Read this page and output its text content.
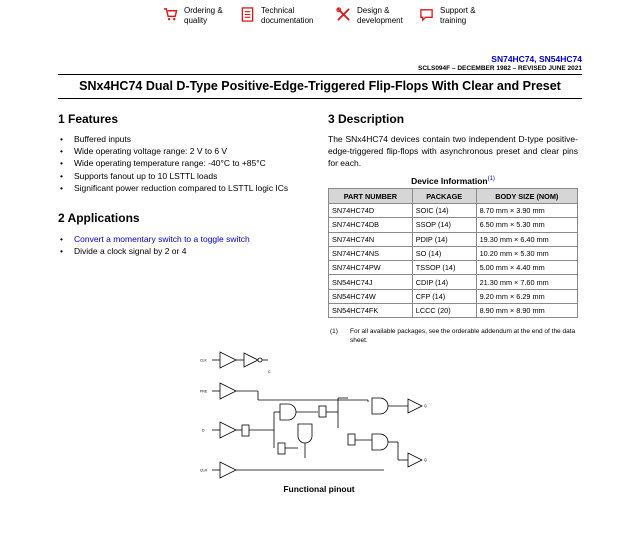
Ordering & quality
Technical documentation
Design & development
Support & training
SN74HC74, SN54HC74
SCLS094F – DECEMBER 1982 – REVISED JUNE 2021
SNx4HC74 Dual D-Type Positive-Edge-Triggered Flip-Flops With Clear and Preset
1 Features
• Buffered inputs
• Wide operating voltage range: 2 V to 6 V
• Wide operating temperature range: -40°C to +85°C
• Supports fanout up to 10 LSTTL loads
• Significant power reduction compared to LSTTL logic ICs
2 Applications
• Convert a momentary switch to a toggle switch
• Divide a clock signal by 2 or 4
3 Description
The SNx4HC74 devices contain two independent D-type positive-edge-triggered flip-flops with asynchronous preset and clear pins for each.
Device Information$^{(1)}$
PART NUMBER	PACKAGE	BODY SIZE (NOM)
SN74HC74D	SOIC (14)	8.70 mm × 3.90 mm
SN74HC74DB	SSOP (14)	6.50 mm × 5.30 mm
SN74HC74N	PDIP (14)	19.30 mm × 6.40 mm
SN74HC74NS	SO (14)	10.20 mm × 5.30 mm
SN74HC74PW	TSSOP (14)	5.00 mm × 4.40 mm
SN54HC74J	CDIP (14)	21.30 mm × 7.60 mm
SN54HC74W	CFP (14)	9.20 mm × 6.29 mm
SN54HC74FK	LCCC (20)	8.90 mm × 8.90 mm
(1) For all available packages, see the orderable addendum at the end of the data sheet.
CLK
PRE
D
CLR
C
Q
Q
Functional pinout
